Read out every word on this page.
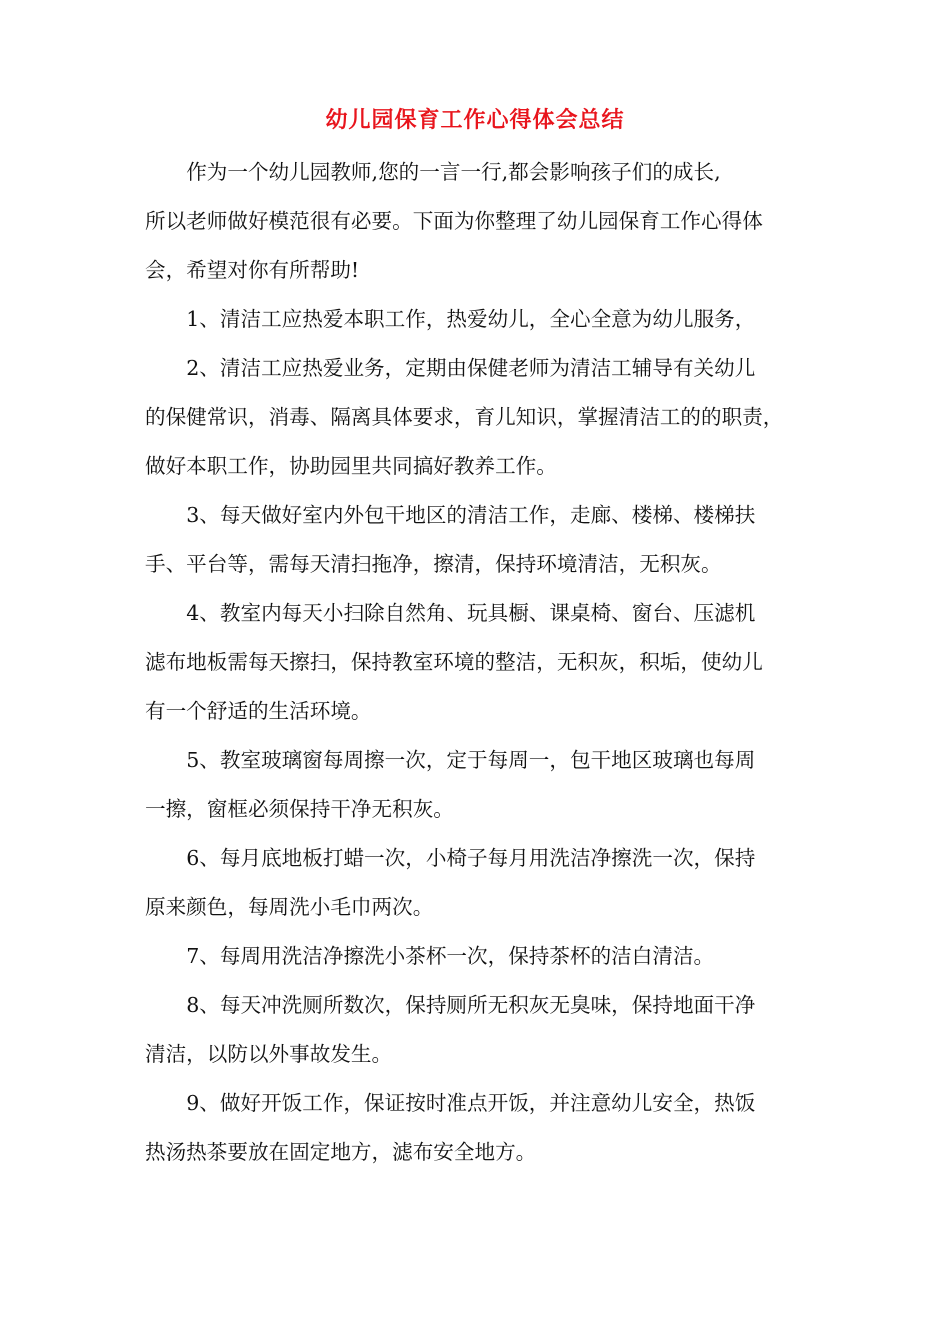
幼儿园保育工作心得体会总结

作为一个幼儿园教师,您的一言一行,都会影响孩子们的成长,
所以老师做好模范很有必要。下面为你整理了幼儿园保育工作心得体
会，希望对你有所帮助!

1、清洁工应热爱本职工作，热爱幼儿，全心全意为幼儿服务，

2、清洁工应热爱业务，定期由保健老师为清洁工辅导有关幼儿
的保健常识，消毒、隔离具体要求，育儿知识，掌握清洁工的的职责，
做好本职工作，协助园里共同搞好教养工作。

3、每天做好室内外包干地区的清洁工作，走廊、楼梯、楼梯扶
手、平台等，需每天清扫拖净，擦清，保持环境清洁，无积灰。

4、教室内每天小扫除自然角、玩具橱、课桌椅、窗台、压滤机
滤布地板需每天擦扫，保持教室环境的整洁，无积灰，积垢，使幼儿
有一个舒适的生活环境。

5、教室玻璃窗每周擦一次，定于每周一，包干地区玻璃也每周
一擦，窗框必须保持干净无积灰。

6、每月底地板打蜡一次，小椅子每月用洗洁净擦洗一次，保持
原来颜色，每周洗小毛巾两次。

7、每周用洗洁净擦洗小茶杯一次，保持茶杯的洁白清洁。

8、每天冲洗厕所数次，保持厕所无积灰无臭味，保持地面干净
清洁，以防以外事故发生。

9、做好开饭工作，保证按时准点开饭，并注意幼儿安全，热饭
热汤热茶要放在固定地方，滤布安全地方。
